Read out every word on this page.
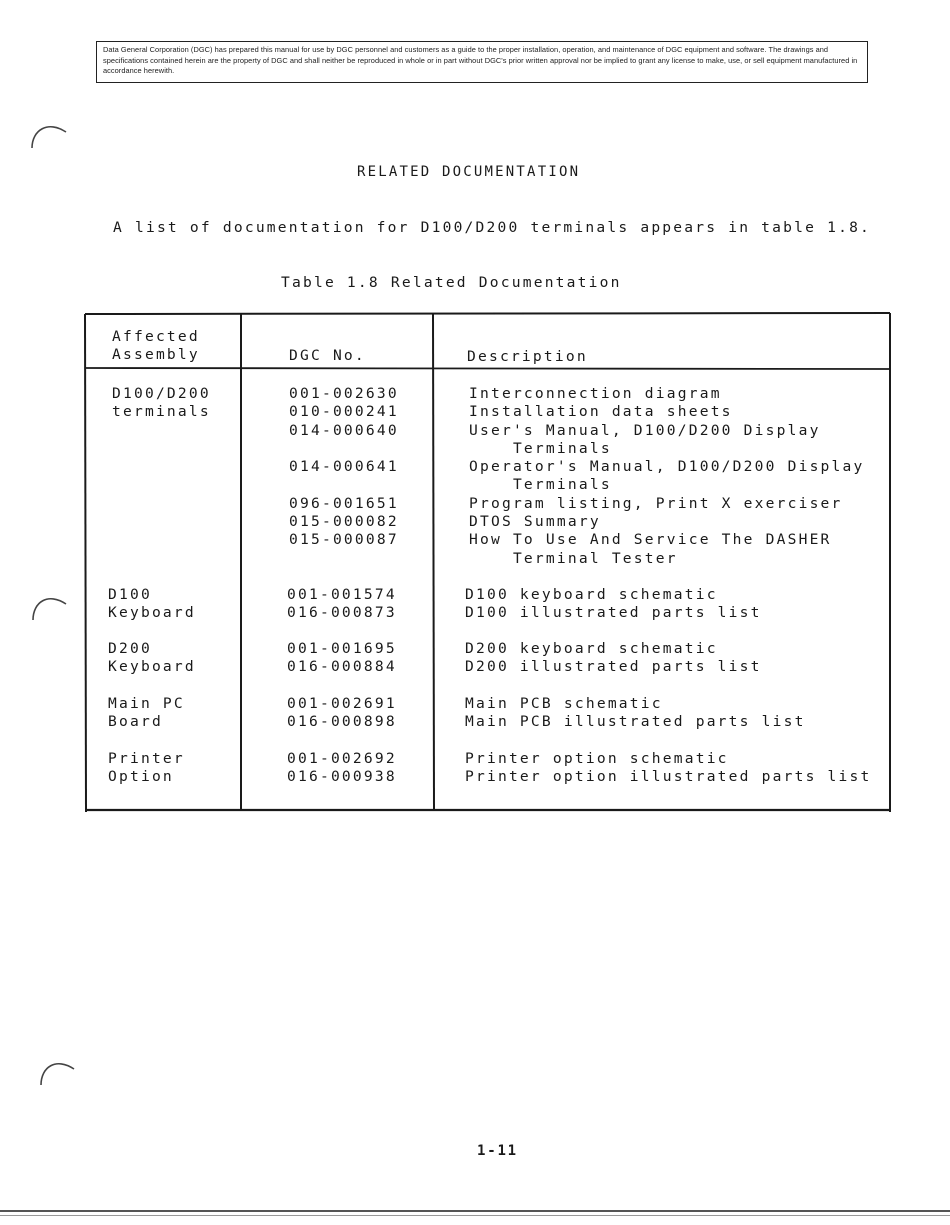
Data General Corporation (DGC) has prepared this manual for use by DGC personnel and customers as a guide to the proper installation, operation, and maintenance of DGC equipment and software. The drawings and specifications contained herein are the property of DGC and shall neither be reproduced in whole or in part without DGC's prior written approval nor be implied to grant any license to make, use, or sell equipment manufactured in accordance herewith.
RELATED DOCUMENTATION
A list of documentation for D100/D200 terminals appears in table 1.8.
Table 1.8 Related Documentation
Affected
Assembly	DGC No.	Description
D100/D200
terminals
001-002630
010-000241
014-000640

014-000641

096-001651
015-000082
015-000087
Interconnection diagram
Installation data sheets
User's Manual, D100/D200 Display
Terminals
Operator's Manual, D100/D200 Display
Terminals
Program listing, Print X exerciser
DTOS Summary
How To Use And Service The DASHER
Terminal Tester
D100
Keyboard
001-001574
016-000873
D100 keyboard schematic
D100 illustrated parts list
D200
Keyboard
001-001695
016-000884
D200 keyboard schematic
D200 illustrated parts list
Main PC
Board
001-002691
016-000898
Main PCB schematic
Main PCB illustrated parts list
Printer
Option
001-002692
016-000938
Printer option schematic
Printer option illustrated parts list
1-11
